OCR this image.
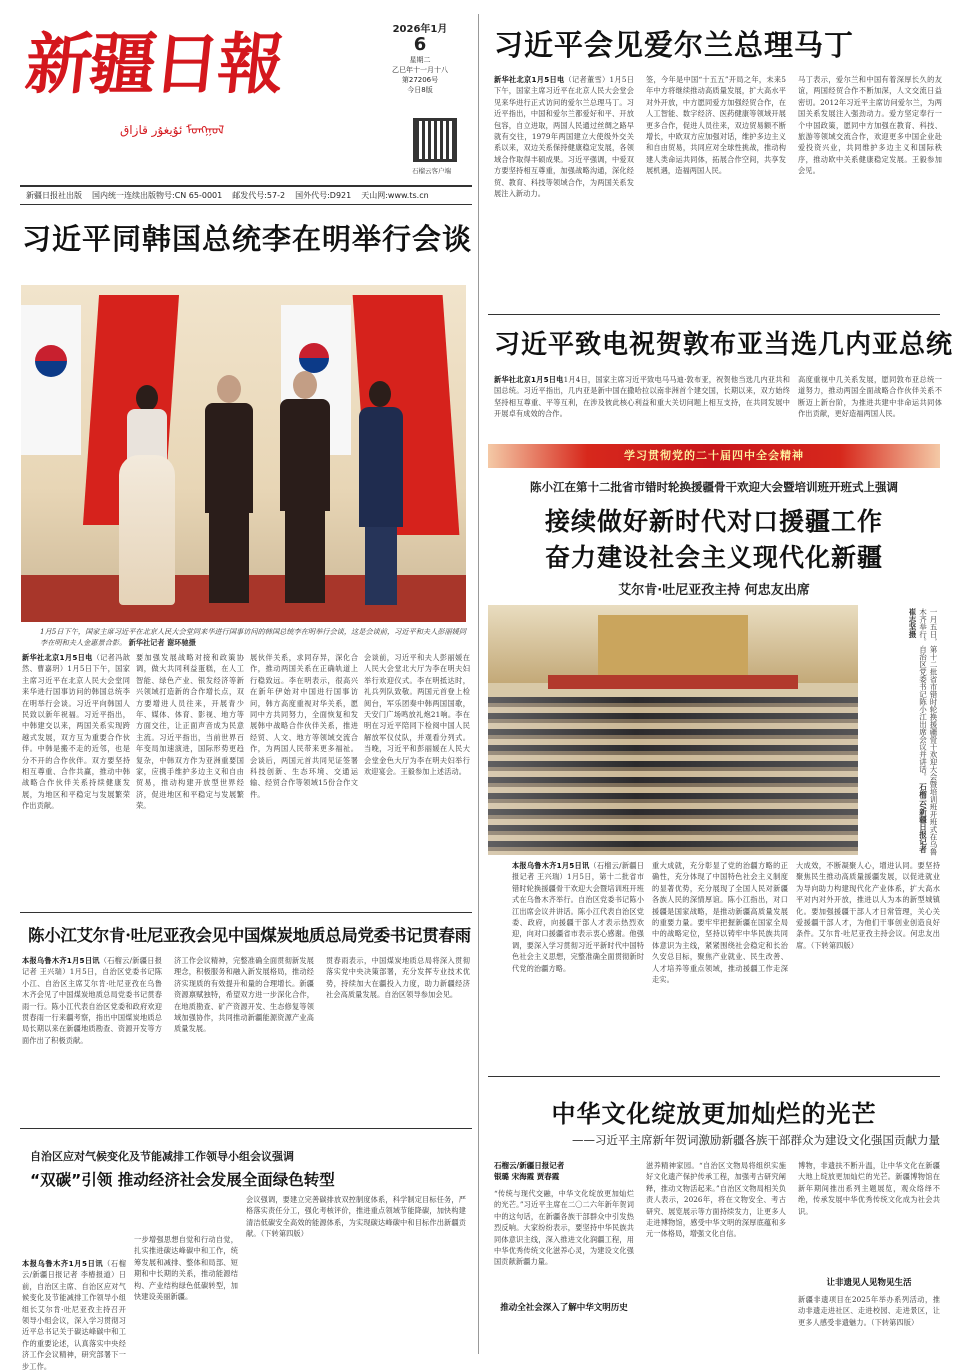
新疆日報
ئۇيغۇر قازاق ᠮᠣᠩᠭᠣᠯ
2026年1月
6
星期二
乙巳年十一月十八
第27206号
今日8版
石榴云客户端
新疆日报社出版 国内统一连续出版物号:CN 65-0001 邮发代号:57-2 国外代号:D921 天山网:www.ts.cn
习近平同韩国总统李在明举行会谈
1月5日下午，国家主席习近平在北京人民大会堂同来华进行国事访问的韩国总统李在明举行会谈，这是会谈前，习近平和夫人彭丽媛同李在明和夫人金惠景合影。 新华社记者 谢环驰摄
新华社北京1月5日电（记者冯歆然、曹嘉玥）1月5日下午，国家主席习近平在北京人民大会堂同来华进行国事访问的韩国总统李在明举行会谈。习近平向韩国人民致以新年祝福。习近平指出，中韩建交以来，两国关系实现跨越式发展，双方互为重要合作伙伴。中韩是搬不走的近邻，也是分不开的合作伙伴。双方要坚持相互尊重、合作共赢，推动中韩战略合作伙伴关系持续健康发展，为地区和平稳定与发展繁荣作出贡献。
要加强发展战略对接和政策协调，做大共同利益蛋糕，在人工智能、绿色产业、银发经济等新兴领域打造新的合作增长点，双方要增进人员往来，开展青少年、媒体、体育、影视、地方等方面交往，让正面声音成为民意主流。习近平指出，当前世界百年变局加速演进，国际形势更趋复杂，中韩双方作为亚洲重要国家，应携手维护多边主义和自由贸易，推动构建开放型世界经济，促进地区和平稳定与发展繁荣。
展伙伴关系，求同存异，深化合作，推动两国关系在正确轨道上行稳致远。李在明表示，很高兴在新年伊始对中国进行国事访问，韩方高度重视对华关系，愿同中方共同努力，全面恢复和发展韩中战略合作伙伴关系，推进经贸、人文、地方等领域交流合作，为两国人民带来更多福祉。会谈后，两国元首共同见证签署科技创新、生态环境、交通运输、经贸合作等领域15份合作文件。
会谈前，习近平和夫人彭丽媛在人民大会堂北大厅为李在明夫妇举行欢迎仪式。李在明抵达时，礼兵列队致敬。两国元首登上检阅台，军乐团奏中韩两国国歌，天安门广场鸣放礼炮21响。李在明在习近平陪同下检阅中国人民解放军仪仗队，并观看分列式。当晚，习近平和彭丽媛在人民大会堂金色大厅为李在明夫妇举行欢迎宴会。王毅参加上述活动。
陈小江艾尔肯·吐尼亚孜会见中国煤炭地质总局党委书记贯春雨
本报乌鲁木齐1月5日讯（石榴云/新疆日报记者 王兴瑞）1月5日，自治区党委书记陈小江、自治区主席艾尔肯·吐尼亚孜在乌鲁木齐会见了中国煤炭地质总局党委书记贯春雨一行。陈小江代表自治区党委和政府欢迎贯春雨一行来疆考察，指出中国煤炭地质总局长期以来在新疆地质勘查、资源开发等方面作出了积极贡献。
济工作会议精神，完整准确全面贯彻新发展理念，积极服务和融入新发展格局，推动经济实现质的有效提升和量的合理增长。新疆资源禀赋独特，希望双方进一步深化合作，在地质勘查、矿产资源开发、生态修复等领域加强协作，共同推动新疆能源资源产业高质量发展。
贯春雨表示，中国煤炭地质总局将深入贯彻落实党中央决策部署，充分发挥专业技术优势，持续加大在疆投入力度，助力新疆经济社会高质量发展。自治区领导参加会见。
自治区应对气候变化及节能减排工作领导小组会议强调
“双碳”引领 推动经济社会发展全面绿色转型
本报乌鲁木齐1月5日讯（石榴云/新疆日报记者 李椿报道）日前，自治区主席、自治区应对气候变化及节能减排工作领导小组组长艾尔肯·吐尼亚孜主持召开领导小组会议，深入学习贯彻习近平总书记关于碳达峰碳中和工作的重要论述，认真落实中央经济工作会议精神，研究部署下一步工作。
一步增强思想自觉和行动自觉，扎实推进碳达峰碳中和工作，统筹发展和减排、整体和局部、短期和中长期的关系，推动能源结构、产业结构绿色低碳转型，加快建设美丽新疆。
会议强调，要建立完善碳排放双控制度体系，科学制定目标任务，严格落实责任分工，强化考核评价，推进重点领域节能降碳，加快构建清洁低碳安全高效的能源体系，为实现碳达峰碳中和目标作出新疆贡献。（下转第四版）
习近平会见爱尔兰总理马丁
新华社北京1月5日电（记者董雪）1月5日下午，国家主席习近平在北京人民大会堂会见来华进行正式访问的爱尔兰总理马丁。习近平指出，中国和爱尔兰都爱好和平、开放包容，自立进取，两国人民通过丝绸之路早就有交往，1979年两国建立大使级外交关系以来，双边关系保持健康稳定发展，各领域合作取得丰硕成果。习近平强调，中爱双方要坚持相互尊重，加强战略沟通，深化经贸、教育、科技等领域合作，为两国关系发展注入新动力。
签，今年是中国“十五五”开局之年，未来5年中方将继续推动高质量发展，扩大高水平对外开放，中方愿同爱方加强经贸合作，在人工智能、数字经济、医药健康等领域开展更多合作，促进人员往来，双边贸易额不断增长，中欧双方应加强对话，维护多边主义和自由贸易，共同应对全球性挑战，推动构建人类命运共同体，拓展合作空间，共享发展机遇，造福两国人民。
马丁表示，爱尔兰和中国有着深厚长久的友谊，两国经贸合作不断加深，人文交流日益密切。2012年习近平主席访问爱尔兰，为两国关系发展注入强劲动力。爱方坚定奉行一个中国政策，愿同中方加强在教育、科技、旅游等领域交流合作，欢迎更多中国企业赴爱投资兴业，共同维护多边主义和国际秩序，推动欧中关系健康稳定发展。王毅参加会见。
习近平致电祝贺敦布亚当选几内亚总统
新华社北京1月5日电1月4日，国家主席习近平致电马马迪·敦布亚，祝贺他当选几内亚共和国总统。习近平指出，几内亚是新中国在撒哈拉以南非洲首个建交国，长期以来，双方始终坚持相互尊重、平等互利，在涉及彼此核心利益和重大关切问题上相互支持，在共同发展中开展卓有成效的合作。
高度重视中几关系发展，愿同敦布亚总统一道努力，推动两国全面战略合作伙伴关系不断迈上新台阶，为推进共建中非命运共同体作出贡献，更好造福两国人民。
学习贯彻党的二十届四中全会精神
陈小江在第十二批省市错时轮换援疆骨干欢迎大会暨培训班开班式上强调
接续做好新时代对口援疆工作
奋力建设社会主义现代化新疆
艾尔肯·吐尼亚孜主持 何忠友出席
一月五日，第十二批省市错时轮换援疆骨干欢迎大会暨培训班开班式在乌鲁木齐举行。自治区党委书记陈小江出席会议并讲话。 石榴云/新疆日报记者 崔志坚摄
本报乌鲁木齐1月5日讯（石榴云/新疆日报记者 王兴瑞）1月5日，第十二批省市错时轮换援疆骨干欢迎大会暨培训班开班式在乌鲁木齐举行。自治区党委书记陈小江出席会议并讲话。陈小江代表自治区党委、政府，向援疆干部人才表示热烈欢迎，向对口援疆省市表示衷心感谢。他强调，要深入学习贯彻习近平新时代中国特色社会主义思想，完整准确全面贯彻新时代党的治疆方略。
重大成就，充分彰显了党的治疆方略的正确性，充分体现了中国特色社会主义制度的显著优势，充分展现了全国人民对新疆各族人民的深情厚谊。陈小江指出，对口援疆是国家战略，是推动新疆高质量发展的重要力量。要牢牢把握新疆在国家全局中的战略定位，坚持以铸牢中华民族共同体意识为主线，紧紧围绕社会稳定和长治久安总目标，聚焦产业就业、民生改善、人才培养等重点领域，推动援疆工作走深走实。
大成效，不断凝聚人心，增进认同。要坚持聚焦民生推动高质量援疆发展，以促进就业为导向助力构建现代化产业体系，扩大高水平对内对外开放，推进以人为本的新型城镇化。要加强援疆干部人才日常管理，关心关爱援疆干部人才，为他们干事创业创造良好条件。艾尔肯·吐尼亚孜主持会议。何忠友出席。（下转第四版）
中华文化绽放更加灿烂的光芒
——习近平主席新年贺词激励新疆各族干部群众为建设文化强国贡献力量
石榴云/新疆日报记者
银璐 宋海霞 贾春霞
“传统与现代交融，中华文化绽放更加灿烂的光芒。”习近平主席在二〇二六年新年贺词中的这句话，在新疆各族干部群众中引发热烈反响。大家纷纷表示，要坚持中华民族共同体意识主线，深入推进文化润疆工程，用中华优秀传统文化滋养心灵，为建设文化强国贡献新疆力量。
推动全社会深入了解中华文明历史
滋养精神家园。“自治区文物局将组织实施好文化遗产保护传承工程，加强考古研究阐释，推动文物活起来。”自治区文物局相关负责人表示，2026年，将在文物安全、考古研究、展览展示等方面持续发力，让更多人走进博物馆，感受中华文明的深厚底蕴和多元一体格局，增强文化自信。
博物，非遗扶不断升温，让中华文化在新疆大地上绽放更加灿烂的光芒。新疆博物馆在新年期间推出系列主题展览，观众络绎不绝，传承发展中华优秀传统文化成为社会共识。
让非遗见人见物见生活
新疆非遗项目在2025年举办系列活动，推动非遗走进社区、走进校园、走进景区，让更多人感受非遗魅力。（下转第四版）
